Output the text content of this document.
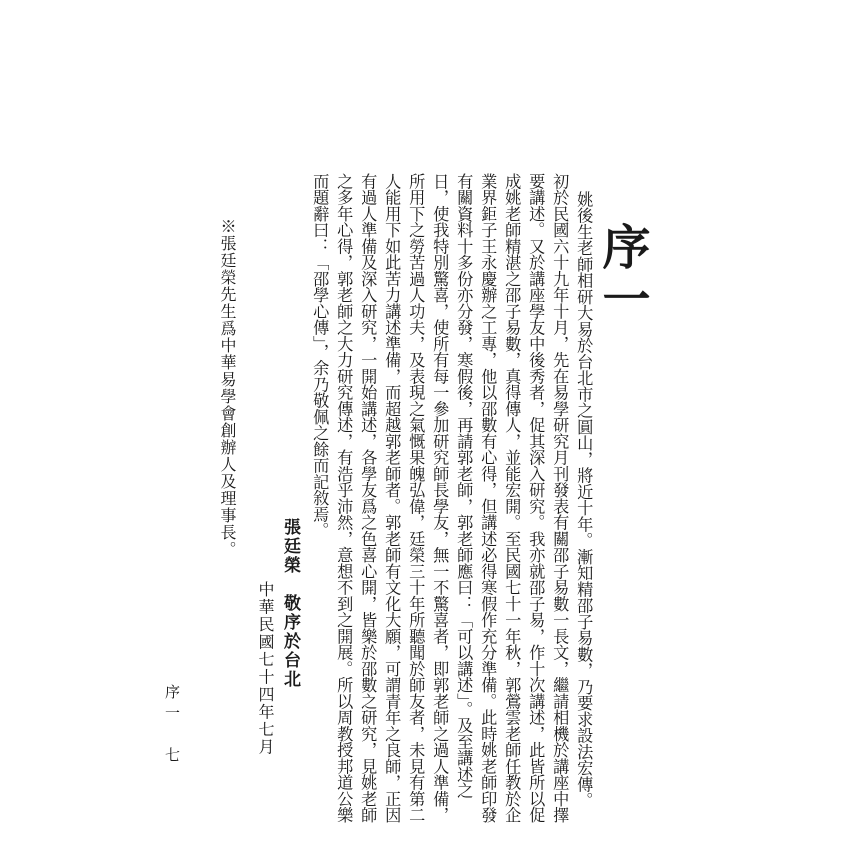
序一
姚後生老師相研大易於台北市之圓山，將近十年。漸知精邵子易數，乃要求設法宏傳。
初於民國六十九年十月，先在易學研究月刊發表有關邵子易數一長文，繼請相機於講座中擇
要講述。又於講座學友中後秀者，促其深入研究。我亦就邵子易，作十次講述，此皆所以促
成姚老師精湛之邵子易數，真得傳人，並能宏開。至民國七十一年秋，郭鶯雲老師任教於企
業界鉅子王永慶辦之工專，他以邵數有心得，但講述必得寒假作充分準備。此時姚老師印發
有關資料十多份亦分發，寒假後，再請郭老師，郭老師應曰：「可以講述」。及至講述之
日，使我特別驚喜，使所有每一參加研究師長學友，無一不驚喜者，即郭老師之過人準備，
所用下之勞苦過人功夫，及表現之氣慨果魄弘偉，廷榮三十年所聽聞於師友者，未見有第二
人能用下如此苦力講述準備，而超越郭老師者。郭老師有文化大願，可謂青年之良師，正因
有過人準備及深入研究，一開始講述，各學友爲之色喜心開，皆樂於邵數之研究，見姚老師
之多年心得，郭老師之大力研究傳述，有浩乎沛然，意想不到之開展。所以周教授邦道公樂
而題辭曰：「邵學心傳」，余乃敬佩之餘而記敘焉。
張廷榮　敬序於台北
中華民國七十四年七月
※張廷榮先生爲中華易學會創辦人及理事長。
序一　七
